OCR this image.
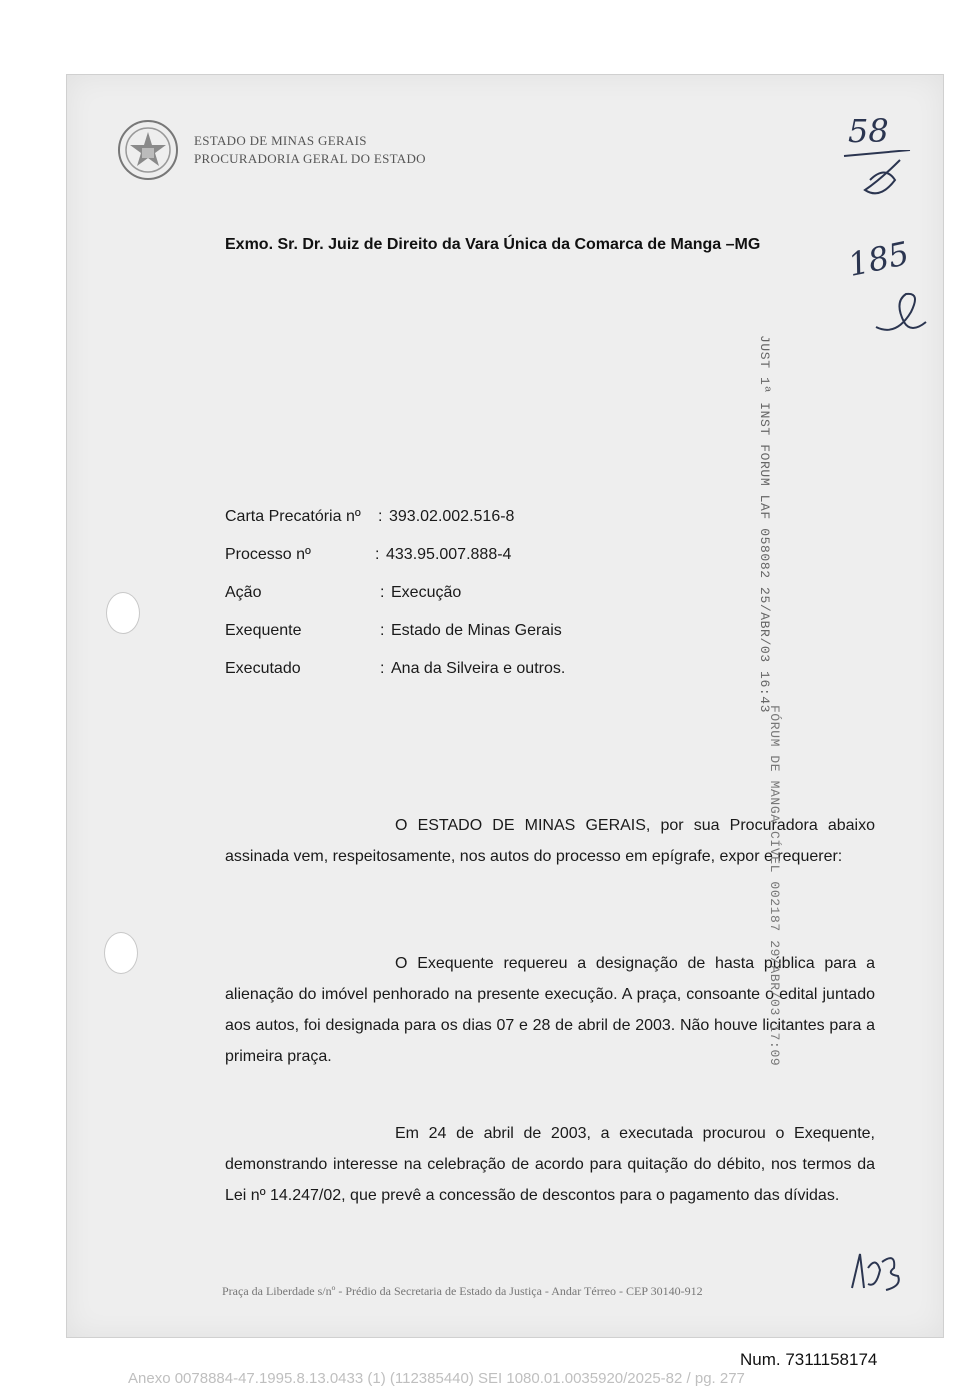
ESTADO DE MINAS GERAIS
PROCURADORIA GERAL DO ESTADO
Exmo. Sr. Dr. Juiz de Direito da Vara Única da Comarca de Manga –MG
Carta Precatória nº : 393.02.002.516-8
Processo nº	: 433.95.007.888-4
Ação	: Execução
Exequente	: Estado de Minas Gerais
Executado	: Ana da Silveira e outros.

O ESTADO DE MINAS GERAIS, por sua Procuradora abaixo assinada vem, respeitosamente, nos autos do processo em epígrafe, expor e requerer:

O Exequente requereu a designação de hasta pública para a alienação do imóvel penhorado na presente execução. A praça, consoante o edital juntado aos autos, foi designada para os dias 07 e 28 de abril de 2003. Não houve licitantes para a primeira praça.

Em 24 de abril de 2003, a executada procurou o Exequente, demonstrando interesse na celebração de acordo para quitação do débito, nos termos da Lei nº 14.247/02, que prevê a concessão de descontos para o pagamento das dívidas.

Praça da Liberdade s/nº - Prédio da Secretaria de Estado da Justiça - Andar Térreo - CEP 30140-912
JUST 1ª INST FORUM LAF 058082 25/ABR/03 16:43
FÓRUM DE MANGA CÍVEL 002187 29/ABR/03 17:09
58
185
Num. 7311158174
Anexo 0078884-47.1995.8.13.0433 (1) (112385440) SEI 1080.01.0035920/2025-82 / pg. 277
